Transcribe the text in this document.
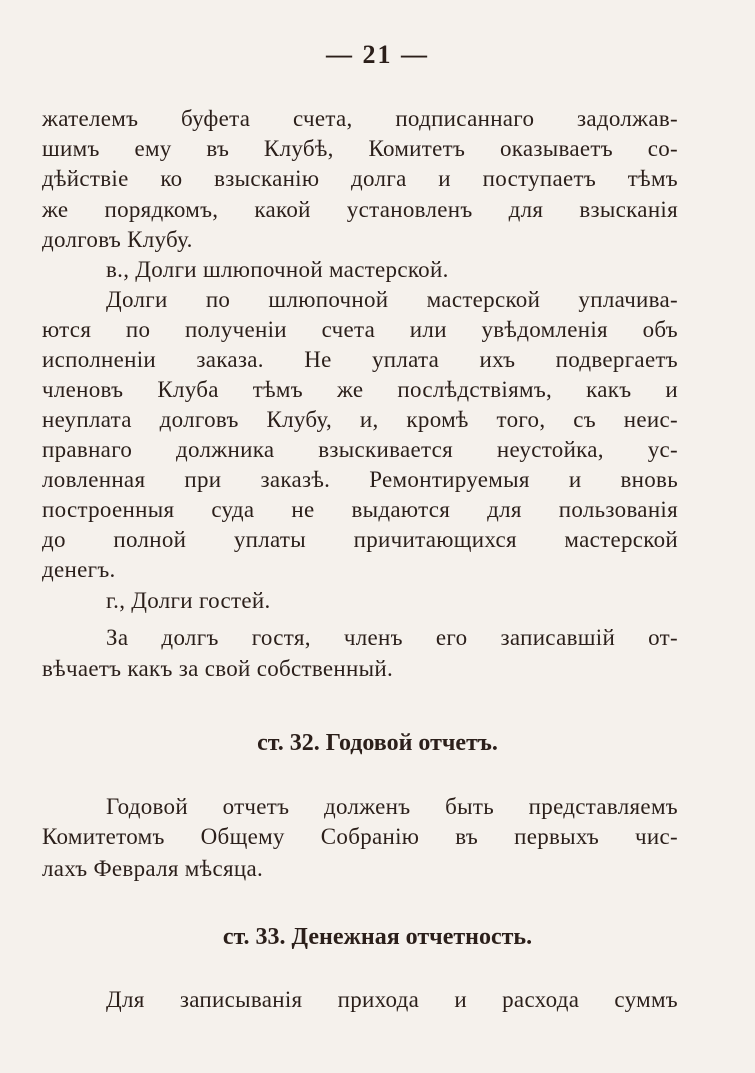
— 21 —
жателемъ буфета счета, подписаннаго задолжав-
шимъ ему въ Клубѣ, Комитетъ оказываетъ со-
дѣйствіе ко взысканію долга и поступаетъ тѣмъ
же порядкомъ, какой установленъ для взысканія
долговъ Клубу.
в., Долги шлюпочной мастерской.
Долги по шлюпочной мастерской уплачива-
ются по полученіи счета или увѣдомленія объ
исполненіи заказа. Не уплата ихъ подвергаетъ
членовъ Клуба тѣмъ же послѣдствіямъ, какъ и
неуплата долговъ Клубу, и, кромѣ того, съ неис-
правнаго должника взыскивается неустойка, ус-
ловленная при заказѣ. Ремонтируемыя и вновь
построенныя суда не выдаются для пользованія
до полной уплаты причитающихся мастерской
денегъ.
г., Долги гостей.
За долгъ гостя, членъ его записавшій от-
вѣчаетъ какъ за свой собственный.
ст. 32. Годовой отчетъ.
Годовой отчетъ долженъ быть представляемъ
Комитетомъ Общему Собранію въ первыхъ чис-
лахъ Февраля мѣсяца.
ст. 33. Денежная отчетность.
Для записыванія прихода и расхода суммъ
